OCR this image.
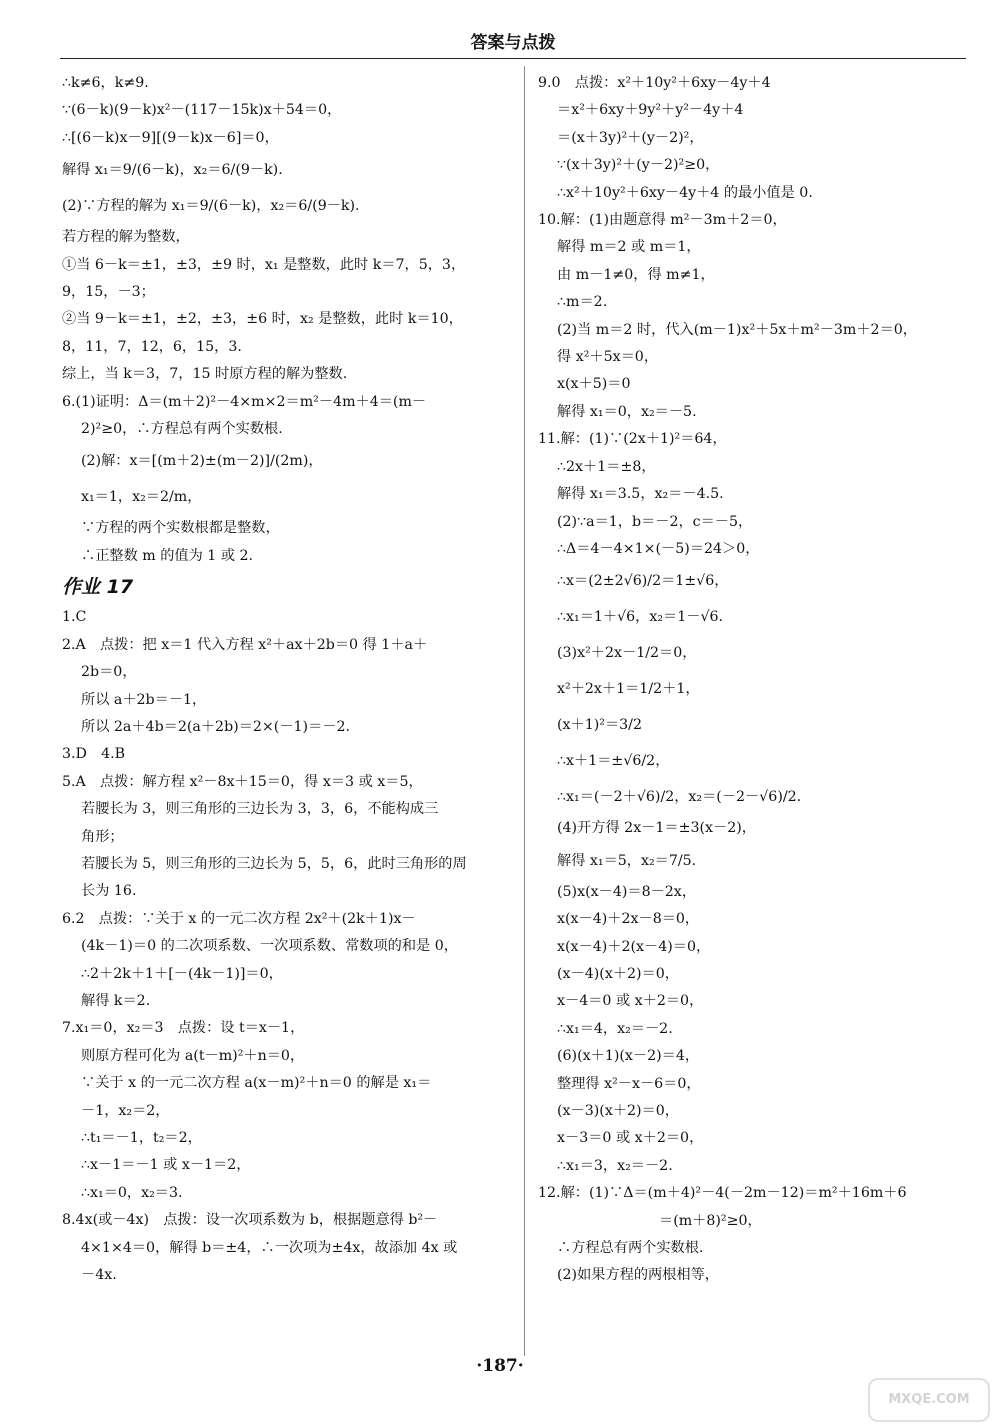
答案与点拨
∴k≠6，k≠9.
∵(6－k)(9－k)x²－(117－15k)x＋54＝0，
∴[(6－k)x－9][(9－k)x－6]＝0，
解得 x₁＝9/(6－k)，x₂＝6/(9－k).
(2)∵方程的解为 x₁＝9/(6－k)，x₂＝6/(9－k).
若方程的解为整数，
①当 6－k＝±1，±3，±9 时，x₁ 是整数，此时 k＝7，5，3，
9，15，－3；
②当 9－k＝±1，±2，±3，±6 时，x₂ 是整数，此时 k＝10，
8，11，7，12，6，15，3.
综上，当 k＝3，7，15 时原方程的解为整数.
6.(1)证明：Δ＝(m＋2)²－4×m×2＝m²－4m＋4＝(m－
2)²≥0，∴方程总有两个实数根.
(2)解：x＝[(m＋2)±(m－2)]/(2m)，
x₁＝1，x₂＝2/m，
∵方程的两个实数根都是整数，
∴正整数 m 的值为 1 或 2.
作业 17
1.C
2.A　点拨：把 x＝1 代入方程 x²＋ax＋2b＝0 得 1＋a＋
2b＝0，
所以 a＋2b＝－1，
所以 2a＋4b＝2(a＋2b)＝2×(－1)＝－2.
3.D　4.B
5.A　点拨：解方程 x²－8x＋15＝0，得 x＝3 或 x＝5，
若腰长为 3，则三角形的三边长为 3，3，6，不能构成三
角形；
若腰长为 5，则三角形的三边长为 5，5，6，此时三角形的周
长为 16.
6.2　点拨：∵关于 x 的一元二次方程 2x²＋(2k＋1)x－
(4k－1)＝0 的二次项系数、一次项系数、常数项的和是 0，
∴2＋2k＋1＋[－(4k－1)]＝0，
解得 k＝2.
7.x₁＝0，x₂＝3　点拨：设 t＝x－1，
则原方程可化为 a(t－m)²＋n＝0，
∵关于 x 的一元二次方程 a(x－m)²＋n＝0 的解是 x₁＝
－1，x₂＝2，
∴t₁＝－1，t₂＝2，
∴x－1＝－1 或 x－1＝2，
∴x₁＝0，x₂＝3.
8.4x(或－4x)　点拨：设一次项系数为 b，根据题意得 b²－
4×1×4＝0，解得 b＝±4，∴一次项为±4x，故添加 4x 或
－4x.
9.0　点拨：x²＋10y²＋6xy－4y＋4
＝x²＋6xy＋9y²＋y²－4y＋4
＝(x＋3y)²＋(y－2)²，
∵(x＋3y)²＋(y－2)²≥0，
∴x²＋10y²＋6xy－4y＋4 的最小值是 0.
10.解：(1)由题意得 m²－3m＋2＝0，
解得 m＝2 或 m＝1，
由 m－1≠0，得 m≠1，
∴m＝2.
(2)当 m＝2 时，代入(m－1)x²＋5x＋m²－3m＋2＝0，
得 x²＋5x＝0，
x(x＋5)＝0
解得 x₁＝0，x₂＝－5.
11.解：(1)∵(2x＋1)²＝64，
∴2x＋1＝±8，
解得 x₁＝3.5，x₂＝－4.5.
(2)∵a＝1，b＝－2，c＝－5，
∴Δ＝4－4×1×(－5)＝24＞0，
∴x＝(2±2√6)/2＝1±√6，
∴x₁＝1＋√6，x₂＝1－√6.
(3)x²＋2x－1/2＝0，
x²＋2x＋1＝1/2＋1，
(x＋1)²＝3/2
∴x＋1＝±√6/2，
∴x₁＝(－2＋√6)/2，x₂＝(－2－√6)/2.
(4)开方得 2x－1＝±3(x－2)，
解得 x₁＝5，x₂＝7/5.
(5)x(x－4)＝8－2x，
x(x－4)＋2x－8＝0，
x(x－4)＋2(x－4)＝0，
(x－4)(x＋2)＝0，
x－4＝0 或 x＋2＝0，
∴x₁＝4，x₂＝－2.
(6)(x＋1)(x－2)＝4，
整理得 x²－x－6＝0，
(x－3)(x＋2)＝0，
x－3＝0 或 x＋2＝0，
∴x₁＝3，x₂＝－2.
12.解：(1)∵Δ＝(m＋4)²－4(－2m－12)＝m²＋16m＋6
＝(m＋8)²≥0，
∴方程总有两个实数根.
(2)如果方程的两根相等，
·187·
MXQE.COM
